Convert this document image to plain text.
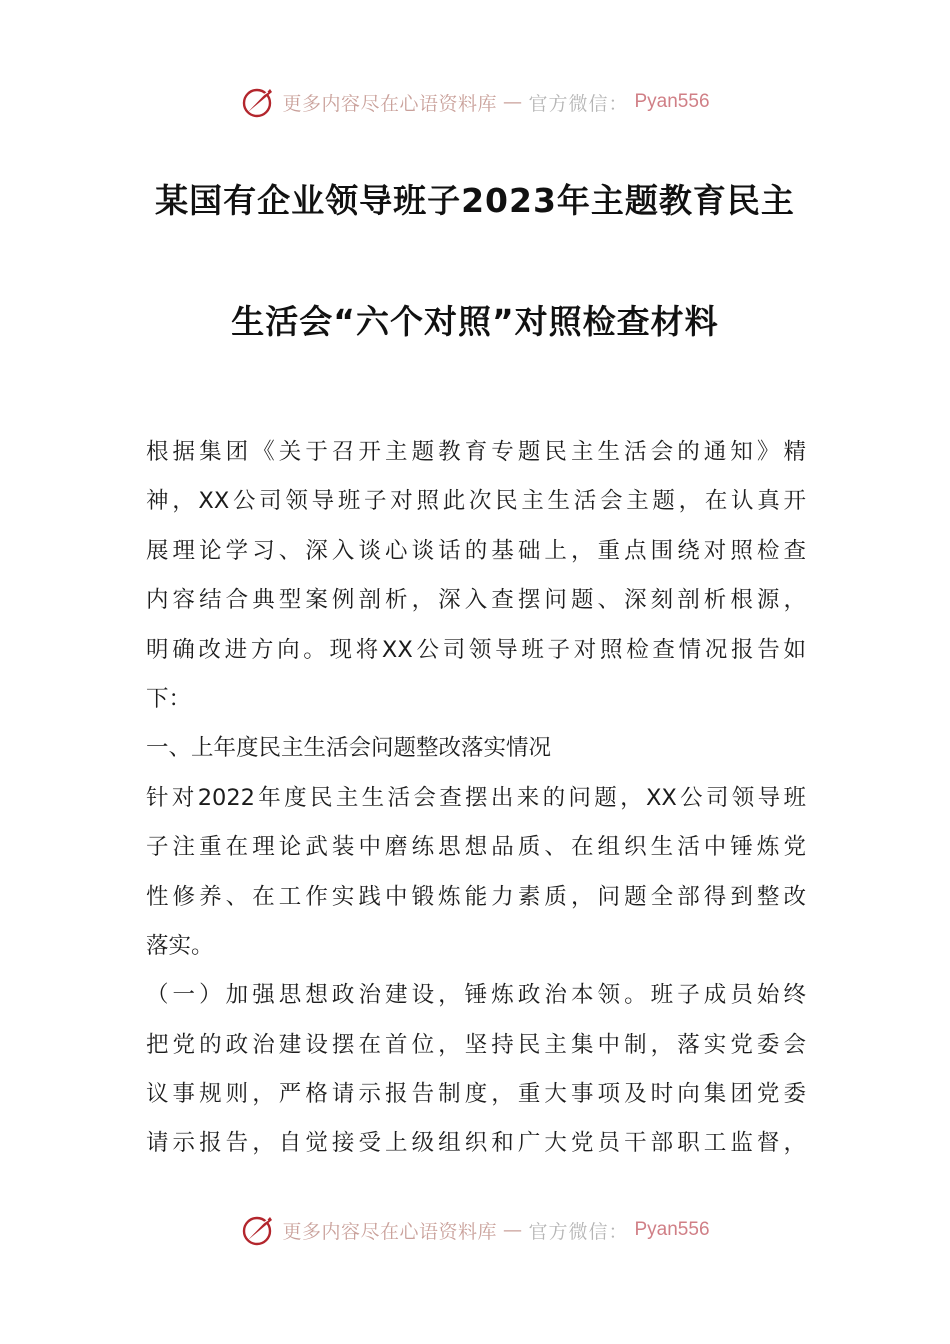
更多内容尽在心语资料库 — 官方微信： Pyan556
某国有企业领导班子2023年主题教育民主
生活会“六个对照”对照检查材料
根据集团《关于召开主题教育专题民主生活会的通知》精
神，XX公司领导班子对照此次民主生活会主题，在认真开
展理论学习、深入谈心谈话的基础上，重点围绕对照检查
内容结合典型案例剖析，深入查摆问题、深刻剖析根源，
明确改进方向。现将XX公司领导班子对照检查情况报告如
下：
一、上年度民主生活会问题整改落实情况
针对2022年度民主生活会查摆出来的问题，XX公司领导班
子注重在理论武装中磨练思想品质、在组织生活中锤炼党
性修养、在工作实践中锻炼能力素质，问题全部得到整改
落实。
（一）加强思想政治建设，锤炼政治本领。班子成员始终
把党的政治建设摆在首位，坚持民主集中制，落实党委会
议事规则，严格请示报告制度，重大事项及时向集团党委
请示报告，自觉接受上级组织和广大党员干部职工监督，
更多内容尽在心语资料库 — 官方微信： Pyan556
